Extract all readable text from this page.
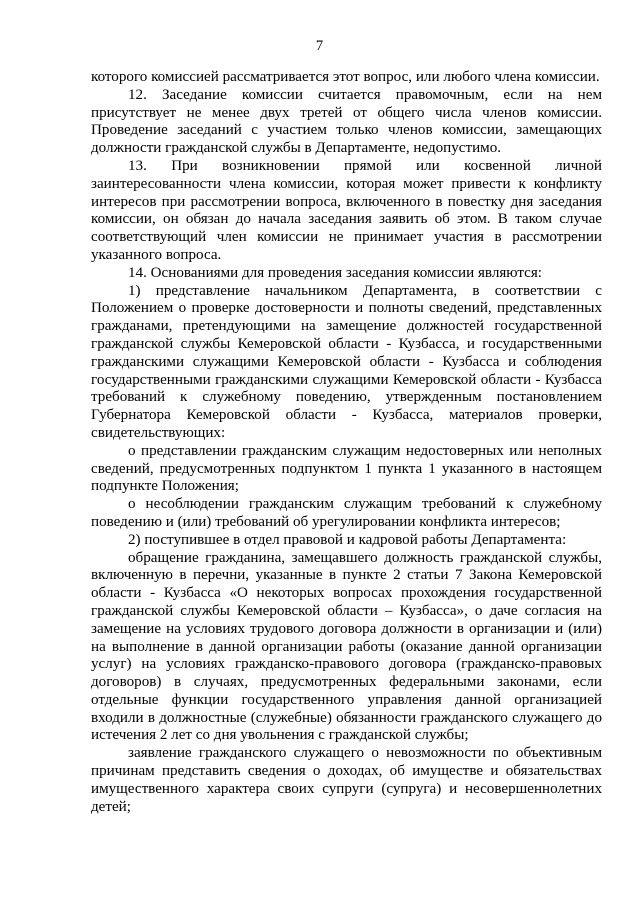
7

которого комиссией рассматривается этот вопрос, или любого члена комиссии.

12. Заседание комиссии считается правомочным, если на нем присутствует не менее двух третей от общего числа членов комиссии. Проведение заседаний с участием только членов комиссии, замещающих должности гражданской службы в Департаменте, недопустимо.

13. При возникновении прямой или косвенной личной заинтересованности члена комиссии, которая может привести к конфликту интересов при рассмотрении вопроса, включенного в повестку дня заседания комиссии, он обязан до начала заседания заявить об этом. В таком случае соответствующий член комиссии не принимает участия в рассмотрении указанного вопроса.

14. Основаниями для проведения заседания комиссии являются:

1) представление начальником Департамента, в соответствии с Положением о проверке достоверности и полноты сведений, представленных гражданами, претендующими на замещение должностей государственной гражданской службы Кемеровской области - Кузбасса, и государственными гражданскими служащими Кемеровской области - Кузбасса и соблюдения государственными гражданскими служащими Кемеровской области - Кузбасса требований к служебному поведению, утвержденным постановлением Губернатора Кемеровской области - Кузбасса, материалов проверки, свидетельствующих:

о представлении гражданским служащим недостоверных или неполных сведений, предусмотренных подпунктом 1 пункта 1 указанного в настоящем подпункте Положения;

о несоблюдении гражданским служащим требований к служебному поведению и (или) требований об урегулировании конфликта интересов;

2) поступившее в отдел правовой и кадровой работы Департамента:

обращение гражданина, замещавшего должность гражданской службы, включенную в перечни, указанные в пункте 2 статьи 7 Закона Кемеровской области - Кузбасса «О некоторых вопросах прохождения государственной гражданской службы Кемеровской области – Кузбасса», о даче согласия на замещение на условиях трудового договора должности в организации и (или) на выполнение в данной организации работы (оказание данной организации услуг) на условиях гражданско-правового договора (гражданско-правовых договоров) в случаях, предусмотренных федеральными законами, если отдельные функции государственного управления данной организацией входили в должностные (служебные) обязанности гражданского служащего до истечения 2 лет со дня увольнения с гражданской службы;

заявление гражданского служащего о невозможности по объективным причинам представить сведения о доходах, об имуществе и обязательствах имущественного характера своих супруги (супруга) и несовершеннолетних детей;
